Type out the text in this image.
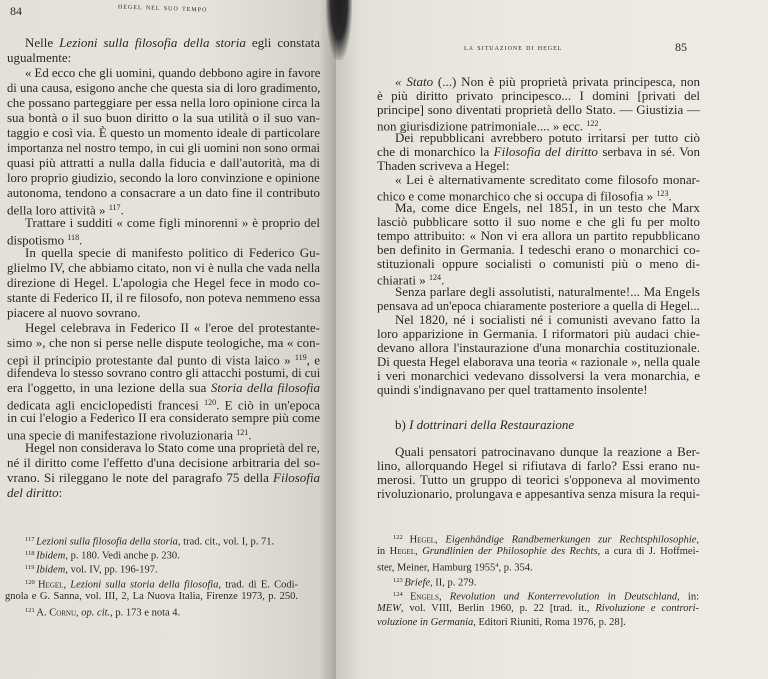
84	hegel nel suo tempo
Nelle Lezioni sulla filosofia della storia egli constata
ugualmente:
« Ed ecco che gli uomini, quando debbono agire in favore
di una causa, esigono anche che questa sia di loro gradimento,
che possano parteggiare per essa nella loro opinione circa la
sua bontà o il suo buon diritto o la sua utilità o il suo van-
taggio e così via. È questo un momento ideale di particolare
importanza nel nostro tempo, in cui gli uomini non sono ormai
quasi più attratti a nulla dalla fiducia e dall'autorità, ma di
loro proprio giudizio, secondo la loro convinzione e opinione
autonoma, tendono a consacrare a un dato fine il contributo
della loro attività » $^{117}$.
Trattare i sudditi « come figli minorenni » è proprio del
dispotismo $^{118}$.
In quella specie di manifesto politico di Federico Gu-
glielmo IV, che abbiamo citato, non vi è nulla che vada nella
direzione di Hegel. L'apologia che Hegel fece in modo co-
stante di Federico II, il re filosofo, non poteva nemmeno essa
piacere al nuovo sovrano.
Hegel celebrava in Federico II « l'eroe del protestante-
simo », che non si perse nelle dispute teologiche, ma « con-
cepì il principio protestante dal punto di vista laico » $^{119}$, e
difendeva lo stesso sovrano contro gli attacchi postumi, di cui
era l'oggetto, in una lezione della sua Storia della filosofia
dedicata agli enciclopedisti francesi $^{120}$. E ciò in un'epoca
in cui l'elogio a Federico II era considerato sempre più come
una specie di manifestazione rivoluzionaria $^{121}$.
Hegel non considerava lo Stato come una proprietà del re,
né il diritto come l'effetto d'una decisione arbitraria del so-
vrano. Si rileggano le note del paragrafo 75 della Filosofia
del diritto:
$^{117}$ Lezioni sulla filosofia della storia, trad. cit., vol. I, p. 71.
$^{118}$ Ibidem, p. 180. Vedi anche p. 230.
$^{119}$ Ibidem, vol. IV, pp. 196-197.
$^{120}$ Hegel, Lezioni sulla storia della filosofia, trad. di E. Codi-
gnola e G. Sanna, vol. III, 2, La Nuova Italia, Firenze 1973, p. 250.
$^{121}$ A. Cornu, op. cit., p. 173 e nota 4.
la situazione di hegel	85
« Stato (...) Non è più proprietà privata principesca, non
è più diritto privato principesco... I domini [privati del
principe] sono diventati proprietà dello Stato. — Giustizia —
non giurisdizione patrimoniale.... » ecc. $^{122}$.
Dei repubblicani avrebbero potuto irritarsi per tutto ciò
che di monarchico la Filosofia del diritto serbava in sé. Von
Thaden scriveva a Hegel:
« Lei è alternativamente screditato come filosofo monar-
chico e come monarchico che si occupa di filosofia » $^{123}$.
Ma, come dice Engels, nel 1851, in un testo che Marx
lasciò pubblicare sotto il suo nome e che gli fu per molto
tempo attribuito: « Non vi era allora un partito repubblicano
ben definito in Germania. I tedeschi erano o monarchici co-
stituzionali oppure socialisti o comunisti più o meno di-
chiarati » $^{124}$.
Senza parlare degli assolutisti, naturalmente!... Ma Engels
pensava ad un'epoca chiaramente posteriore a quella di Hegel...
Nel 1820, né i socialisti né i comunisti avevano fatto la
loro apparizione in Germania. I riformatori più audaci chie-
devano allora l'instaurazione d'una monarchia costituzionale.
Di questa Hegel elaborava una teoria « razionale », nella quale
i veri monarchici vedevano dissolversi la vera monarchia, e
quindi s'indignavano per quel trattamento insolente!
b) I dottrinari della Restaurazione
Quali pensatori patrocinavano dunque la reazione a Ber-
lino, allorquando Hegel si rifiutava di farlo? Essi erano nu-
merosi. Tutto un gruppo di teorici s'opponeva al movimento
rivoluzionario, prolungava e appesantiva senza misura la requi-
$^{122}$ Hegel, Eigenhändige Randbemerkungen zur Rechtsphilosophie,
in Hegel, Grundlinien der Philosophie des Rechts, a cura di J. Hoffmei-
ster, Meiner, Hamburg 1955$^4$, p. 354.
$^{123}$ Briefe, II, p. 279.
$^{124}$ Engels, Revolution und Konterrevolution in Deutschland, in:
MEW, vol. VIII, Berlin 1960, p. 22 [trad. it., Rivoluzione e controri-
voluzione in Germania, Editori Riuniti, Roma 1976, p. 28].
